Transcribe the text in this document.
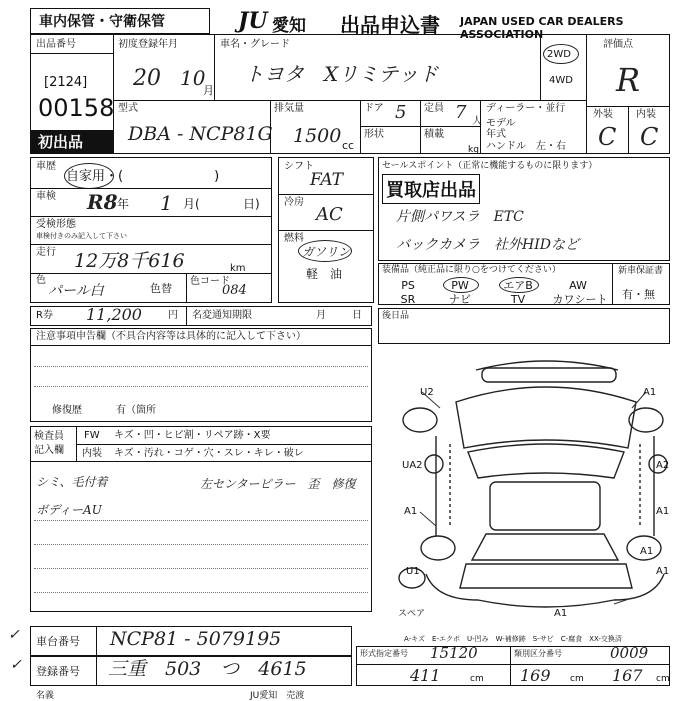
車内保管・守衛保管	JU 愛知 出品申込書 JAPAN USED CAR DEALERS ASSOCIATION
出品番号
[2124]
00158
初出品
初度登録年月
20 10
月
車名・グレード
トヨタ　Xリミテッド
2WD
4WD
評価点
R
外装 内装
C C
型式
DBA - NCP81G
排気量
1500 cc
ドア 5 定員 7 人
形状	積載
kg
ディーラー・並行
モデル
年式
ハンドル　左・右
車歴
自家用・(　　　　　　　)
車検 R8 年 1 月(	日)
受検形態
車検付きのみ記入して下さい
走行 12万8千616	km
色
パール白	色替
色コード
084
シフト
FAT
冷房
AC
燃料
ガソリン
軽　油
セールスポイント（正常に機能するものに限ります）
買取店出品
片側パワスラ　ETC
バックカメラ　社外HIDなど
装備品（純正品に限り○をつけてください）
PS	PW	エアB	AW
SR	ナビ	TV	カワシート
新車保証書
有・無
R券 11,200	円 名変通知期限	月	日 後日品
注意事項申告欄（不具合内容等は具体的に記入して下さい）
修復歴	有（箇所
検査員
記入欄
FW キズ・凹・ヒビ割・リペア跡・X要
内装 キズ・汚れ・コゲ・穴・スレ・キレ・破レ
シミ、毛付着	左センターピラー　歪　修復
ボディーAU
U2	A1
UA2	A2
A1	A1
U1	A1
A1
A1
スペア
A-キズ　E-エクボ　U-凹み　W-補修跡　S-サビ　C-腐食　XX-交換済
✓
✓
車台番号 NCP81 - 5079195
登録番号 三重　503　つ　4615
形式指定番号 15120	類別区分番号	0009
411	cm 169 cm 167 cm
名義	JU愛知　売渡
